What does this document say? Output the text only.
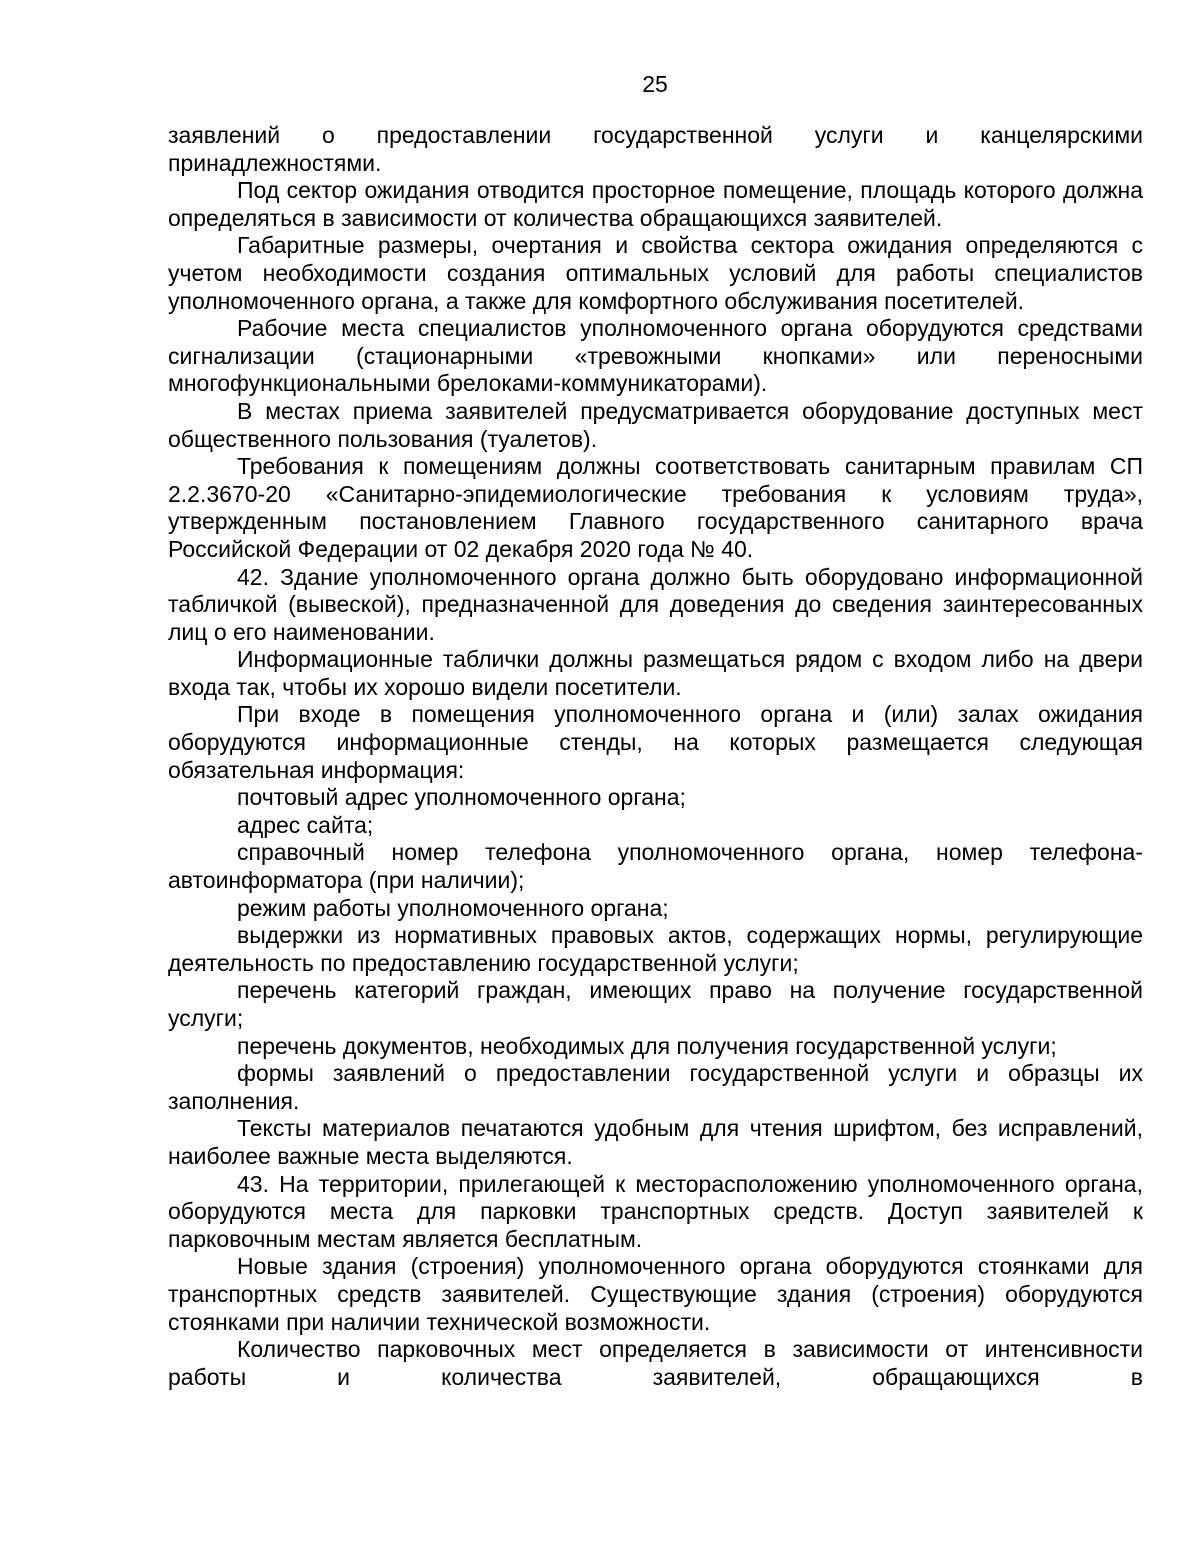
25

заявлений о предоставлении государственной услуги и канцелярскими принадлежностями.

Под сектор ожидания отводится просторное помещение, площадь которого должна определяться в зависимости от количества обращающихся заявителей.

Габаритные размеры, очертания и свойства сектора ожидания определяются с учетом необходимости создания оптимальных условий для работы специалистов уполномоченного органа, а также для комфортного обслуживания посетителей.

Рабочие места специалистов уполномоченного органа оборудуются средствами сигнализации (стационарными «тревожными кнопками» или переносными многофункциональными брелоками-коммуникаторами).

В местах приема заявителей предусматривается оборудование доступных мест общественного пользования (туалетов).

Требования к помещениям должны соответствовать санитарным правилам СП 2.2.3670-20 «Санитарно-эпидемиологические требования к условиям труда», утвержденным постановлением Главного государственного санитарного врача Российской Федерации от 02 декабря 2020 года № 40.

42. Здание уполномоченного органа должно быть оборудовано информационной табличкой (вывеской), предназначенной для доведения до сведения заинтересованных лиц о его наименовании.

Информационные таблички должны размещаться рядом с входом либо на двери входа так, чтобы их хорошо видели посетители.

При входе в помещения уполномоченного органа и (или) залах ожидания оборудуются информационные стенды, на которых размещается следующая обязательная информация:

почтовый адрес уполномоченного органа;

адрес сайта;

справочный номер телефона уполномоченного органа, номер телефона-автоинформатора (при наличии);

режим работы уполномоченного органа;

выдержки из нормативных правовых актов, содержащих нормы, регулирующие деятельность по предоставлению государственной услуги;

перечень категорий граждан, имеющих право на получение государственной услуги;

перечень документов, необходимых для получения государственной услуги;

формы заявлений о предоставлении государственной услуги и образцы их заполнения.

Тексты материалов печатаются удобным для чтения шрифтом, без исправлений, наиболее важные места выделяются.

43. На территории, прилегающей к месторасположению уполномоченного органа, оборудуются места для парковки транспортных средств. Доступ заявителей к парковочным местам является бесплатным.

Новые здания (строения) уполномоченного органа оборудуются стоянками для транспортных средств заявителей. Существующие здания (строения) оборудуются стоянками при наличии технической возможности.

Количество парковочных мест определяется в зависимости от интенсивности работы и количества заявителей, обращающихся в
